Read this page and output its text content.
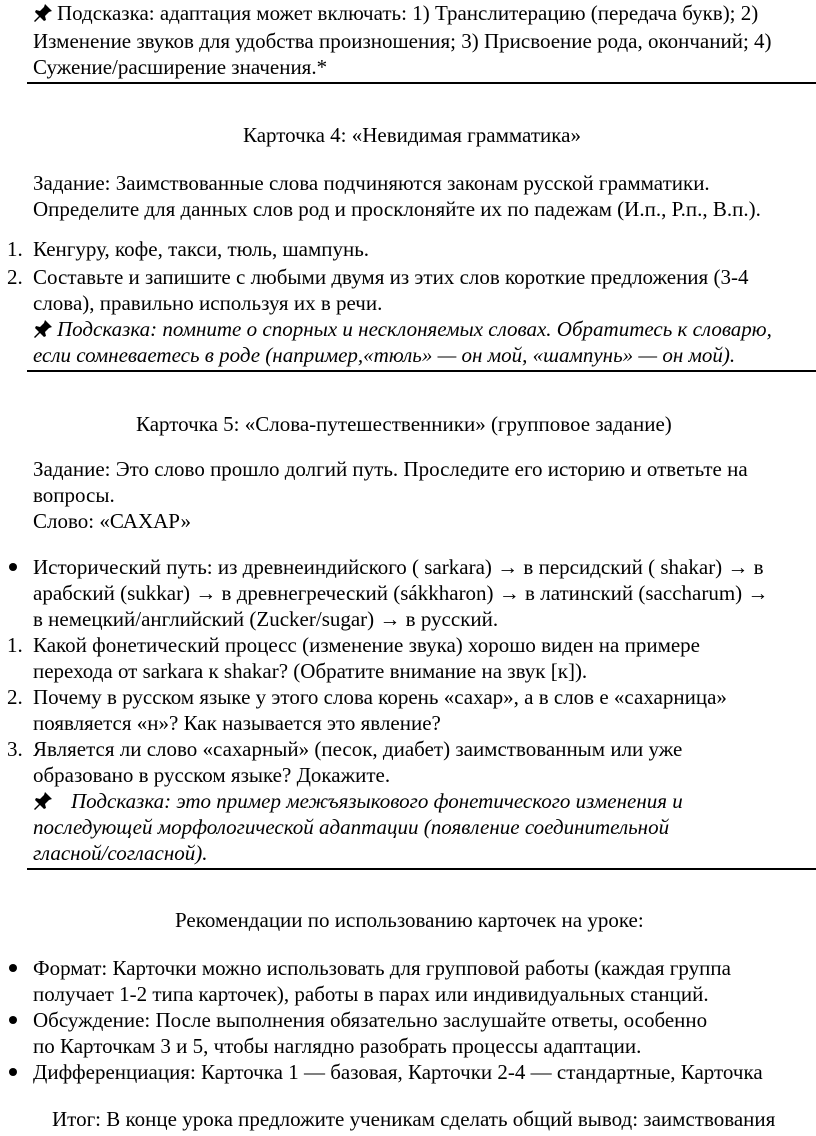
Подсказка: адаптация может включать: 1) Транслитерацию (передача букв); 2)
Изменение звуков для удобства произношения; 3) Присвоение рода, окончаний; 4)
Сужение/расширение значения.*
Карточка 4: «Невидимая грамматика»
Задание: Заимствованные слова подчиняются законам русской грамматики.
Определите для данных слов род и просклоняйте их по падежам (И.п., Р.п., В.п.).
1. Кенгуру, кофе, такси, тюль, шампунь.
2. Составьте и запишите с любыми двумя из этих слов короткие предложения (3-4
слова), правильно используя их в речи.
Подсказка: помните о спорных и несклоняемых словах. Обратитесь к словарю,
если сомневаетесь в роде (например,«тюль» — он мой, «шампунь» — он мой).
Карточка 5: «Слова-путешественники» (групповое задание)
Задание: Это слово прошло долгий путь. Проследите его историю и ответьте на
вопросы.
Слово: «САХАР»
Исторический путь: из древнеиндийского ( sarkara) → в персидский ( shakar) → в
арабский (sukkar) → в древнегреческий (sákkharon) → в латинский (saccharum) →
в немецкий/английский (Zucker/sugar) → в русский.
1. Какой фонетический процесс (изменение звука) хорошо виден на примере
перехода от sarkara к shakar? (Обратите внимание на звук [к]).
2. Почему в русском языке у этого слова корень «сахар», а в слов е «сахарница»
появляется «н»? Как называется это явление?
3. Является ли слово «сахарный» (песок, диабет) заимствованным или уже
образовано в русском языке? Докажите.
Подсказка: это пример межъязыкового фонетического изменения и
последующей морфологической адаптации (появление соединительной
гласной/согласной).
Рекомендации по использованию карточек на уроке:
Формат: Карточки можно использовать для групповой работы (каждая группа
получает 1-2 типа карточек), работы в парах или индивидуальных станций.
Обсуждение: После выполнения обязательно заслушайте ответы, особенно
по Карточкам 3 и 5, чтобы наглядно разобрать процессы адаптации.
Дифференциация: Карточка 1 — базовая, Карточки 2-4 — стандартные, Карточка
Итог: В конце урока предложите ученикам сделать общий вывод: заимствования
